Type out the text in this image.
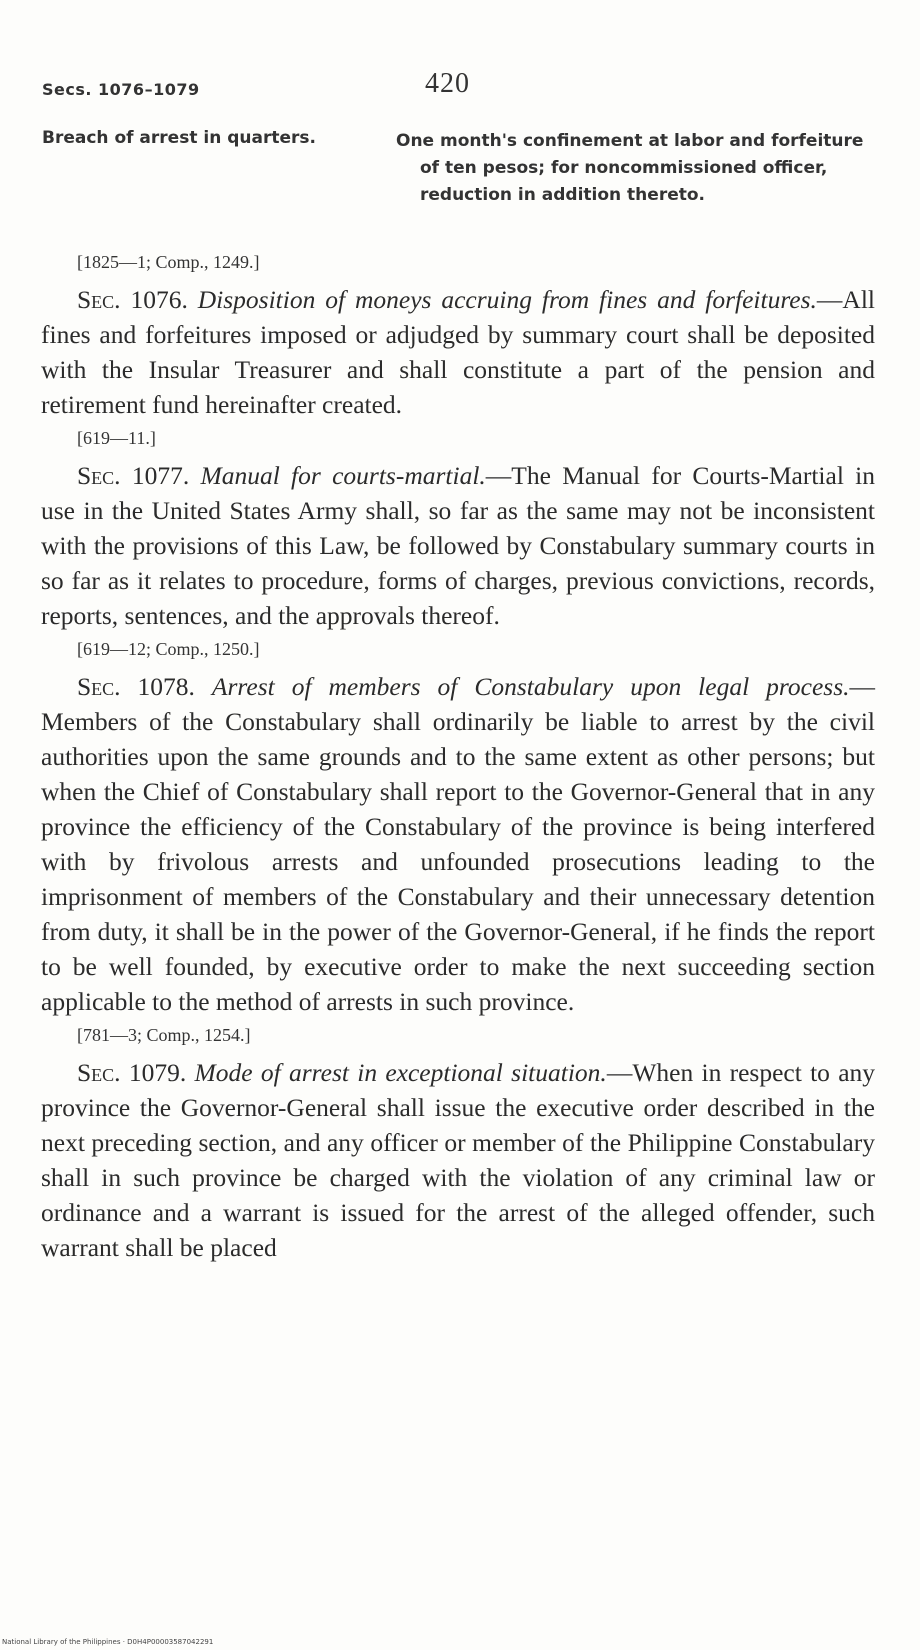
Secs. 1076–1079	420
Breach of arrest in quarters.	One month's confinement at labor and forfeiture of ten pesos; for noncommissioned officer, reduction in addition thereto.
[1825—1; Comp., 1249.]

Sec. 1076. Disposition of moneys accruing from fines and forfeitures.—All fines and forfeitures imposed or adjudged by summary court shall be deposited with the Insular Treasurer and shall constitute a part of the pension and retirement fund hereinafter created.

[619—11.]

Sec. 1077. Manual for courts-martial.—The Manual for Courts-Martial in use in the United States Army shall, so far as the same may not be inconsistent with the provisions of this Law, be followed by Constabulary summary courts in so far as it relates to procedure, forms of charges, previous convictions, records, reports, sentences, and the approvals thereof.

[619—12; Comp., 1250.]

Sec. 1078. Arrest of members of Constabulary upon legal process.—Members of the Constabulary shall ordinarily be liable to arrest by the civil authorities upon the same grounds and to the same extent as other persons; but when the Chief of Constabulary shall report to the Governor-General that in any province the efficiency of the Constabulary of the province is being interfered with by frivolous arrests and unfounded prosecutions leading to the imprisonment of members of the Constabulary and their unnecessary detention from duty, it shall be in the power of the Governor-General, if he finds the report to be well founded, by executive order to make the next succeeding section applicable to the method of arrests in such province.

[781—3; Comp., 1254.]

Sec. 1079. Mode of arrest in exceptional situation.—When in respect to any province the Governor-General shall issue the executive order described in the next preceding section, and any officer or member of the Philippine Constabulary shall in such province be charged with the violation of any criminal law or ordinance and a warrant is issued for the arrest of the alleged offender, such warrant shall be placed

National Library of the Philippines · D0H4P00003587042291
